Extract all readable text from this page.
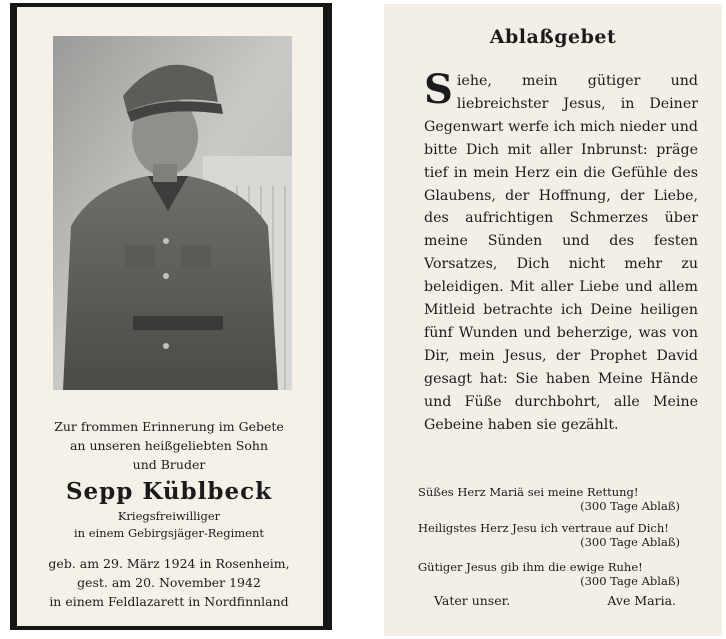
Zur frommen Erinnerung im Gebete
an unseren heißgeliebten Sohn
und Bruder
Sepp Küblbeck
Kriegsfreiwilliger
in einem Gebirgsjäger-Regiment
geb. am 29. März 1924 in Rosenheim,
gest. am 20. November 1942
in einem Feldlazarett in Nordfinnland
Ablaßgebet
Siehe, mein gütiger und liebreichster Jesus, in Deiner Gegenwart werfe ich mich nieder und bitte Dich mit aller Inbrunst: präge tief in mein Herz ein die Gefühle des Glaubens, der Hoffnung, der Liebe, des aufrichtigen Schmerzes über meine Sünden und des festen Vorsatzes, Dich nicht mehr zu beleidigen. Mit aller Liebe und allem Mitleid betrachte ich Deine heiligen fünf Wunden und beherzige, was von Dir, mein Jesus, der Prophet David gesagt hat: Sie haben Meine Hände und Füße durchbohrt, alle Meine Gebeine haben sie gezählt.
Süßes Herz Mariä sei meine Rettung!
(300 Tage Ablaß)
Heiligstes Herz Jesu ich vertraue auf Dich!
(300 Tage Ablaß)
Gütiger Jesus gib ihm die ewige Ruhe!
(300 Tage Ablaß)
Vater unser.	Ave Maria.
